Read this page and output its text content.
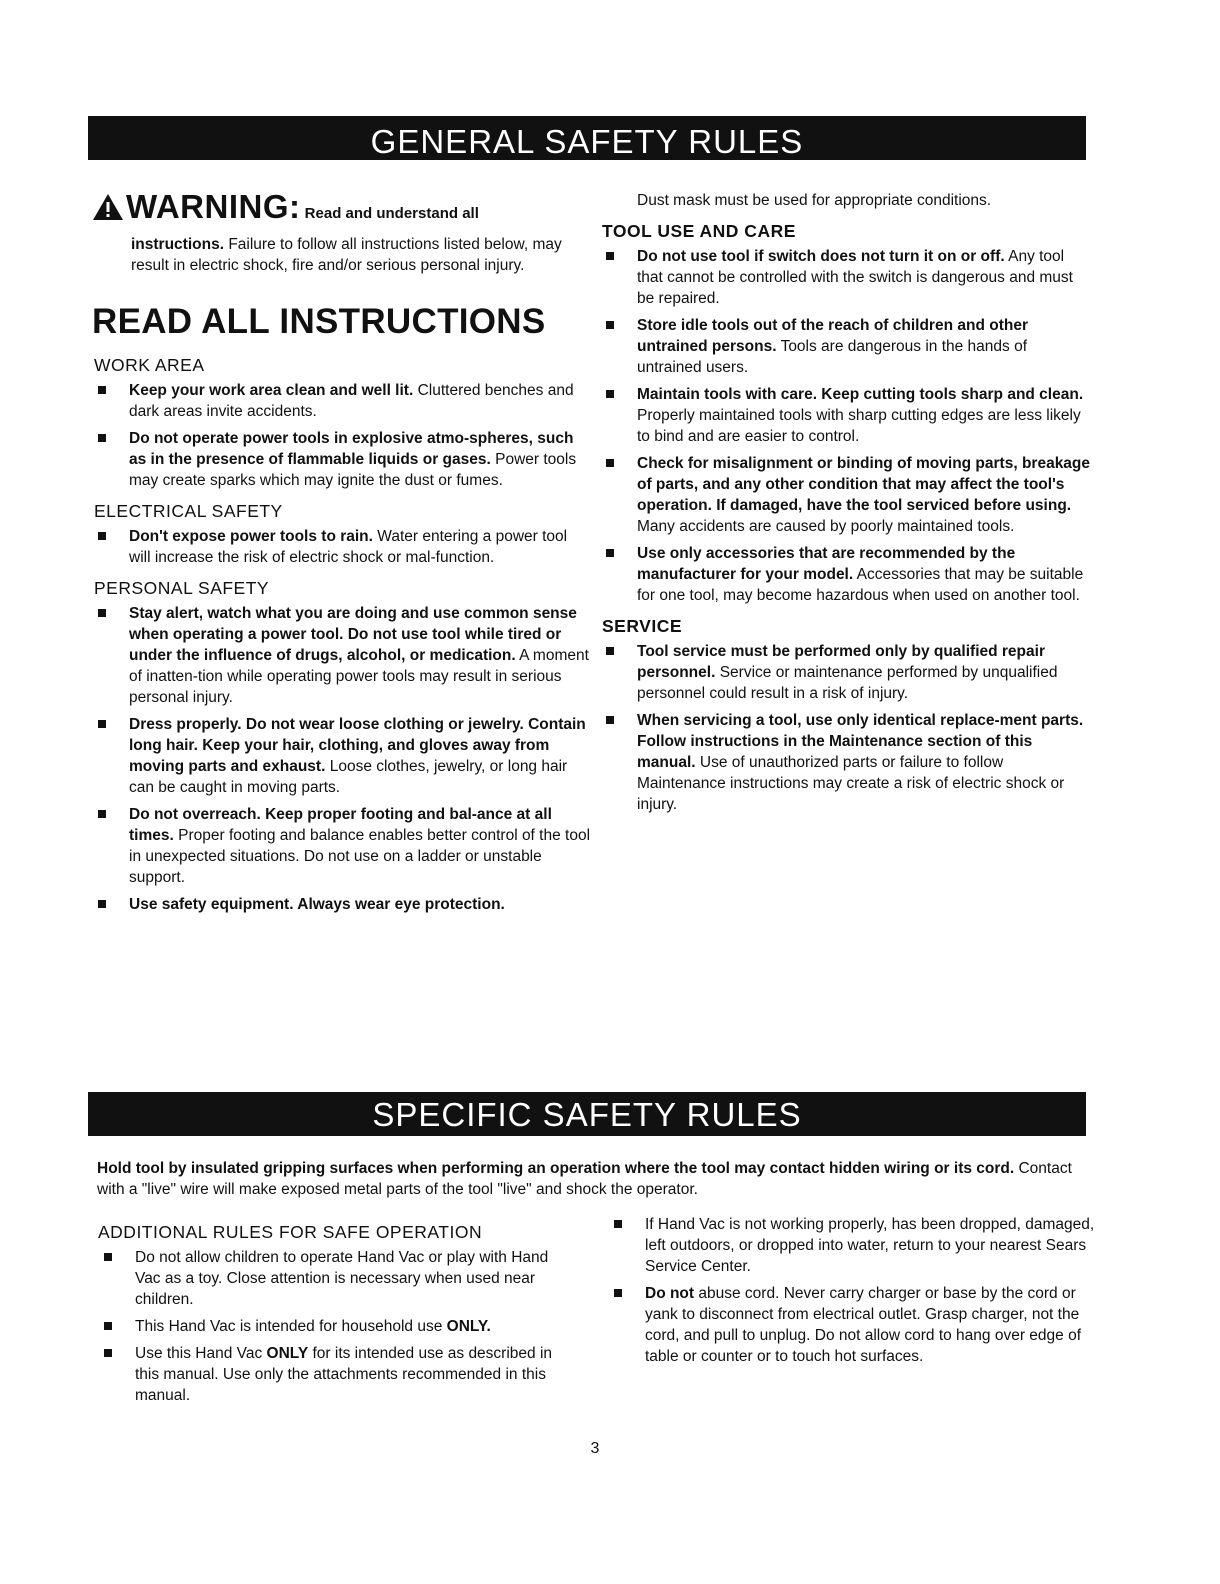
GENERAL SAFETY RULES
WARNING: Read and understand all
instructions. Failure to follow all instructions listed below, may result in electric shock, fire and/or serious personal injury.
READ ALL INSTRUCTIONS
WORK AREA
Keep your work area clean and well lit. Cluttered benches and dark areas invite accidents.
Do not operate power tools in explosive atmo-spheres, such as in the presence of flammable liquids or gases. Power tools may create sparks which may ignite the dust or fumes.
ELECTRICAL SAFETY
Don't expose power tools to rain. Water entering a power tool will increase the risk of electric shock or mal-function.
PERSONAL SAFETY
Stay alert, watch what you are doing and use common sense when operating a power tool. Do not use tool while tired or under the influence of drugs, alcohol, or medication. A moment of inatten-tion while operating power tools may result in serious personal injury.
Dress properly. Do not wear loose clothing or jewelry. Contain long hair. Keep your hair, clothing, and gloves away from moving parts and exhaust. Loose clothes, jewelry, or long hair can be caught in moving parts.
Do not overreach. Keep proper footing and bal-ance at all times. Proper footing and balance enables better control of the tool in unexpected situations. Do not use on a ladder or unstable support.
Use safety equipment. Always wear eye protection.
Dust mask must be used for appropriate conditions.
TOOL USE AND CARE
Do not use tool if switch does not turn it on or off. Any tool that cannot be controlled with the switch is dangerous and must be repaired.
Store idle tools out of the reach of children and other untrained persons. Tools are dangerous in the hands of untrained users.
Maintain tools with care. Keep cutting tools sharp and clean. Properly maintained tools with sharp cutting edges are less likely to bind and are easier to control.
Check for misalignment or binding of moving parts, breakage of parts, and any other condition that may affect the tool's operation. If damaged, have the tool serviced before using. Many accidents are caused by poorly maintained tools.
Use only accessories that are recommended by the manufacturer for your model. Accessories that may be suitable for one tool, may become hazardous when used on another tool.
SERVICE
Tool service must be performed only by qualified repair personnel. Service or maintenance performed by unqualified personnel could result in a risk of injury.
When servicing a tool, use only identical replace-ment parts. Follow instructions in the Maintenance section of this manual. Use of unauthorized parts or failure to follow Maintenance instructions may create a risk of electric shock or injury.
SPECIFIC SAFETY RULES
Hold tool by insulated gripping surfaces when performing an operation where the tool may contact hidden wiring or its cord. Contact with a "live" wire will make exposed metal parts of the tool "live" and shock the operator.
ADDITIONAL RULES FOR SAFE OPERATION
Do not allow children to operate Hand Vac or play with Hand Vac as a toy. Close attention is necessary when used near children.
This Hand Vac is intended for household use ONLY.
Use this Hand Vac ONLY for its intended use as described in this manual. Use only the attachments recommended in this manual.
If Hand Vac is not working properly, has been dropped, damaged, left outdoors, or dropped into water, return to your nearest Sears Service Center.
Do not abuse cord. Never carry charger or base by the cord or yank to disconnect from electrical outlet. Grasp charger, not the cord, and pull to unplug. Do not allow cord to hang over edge of table or counter or to touch hot surfaces.
3
